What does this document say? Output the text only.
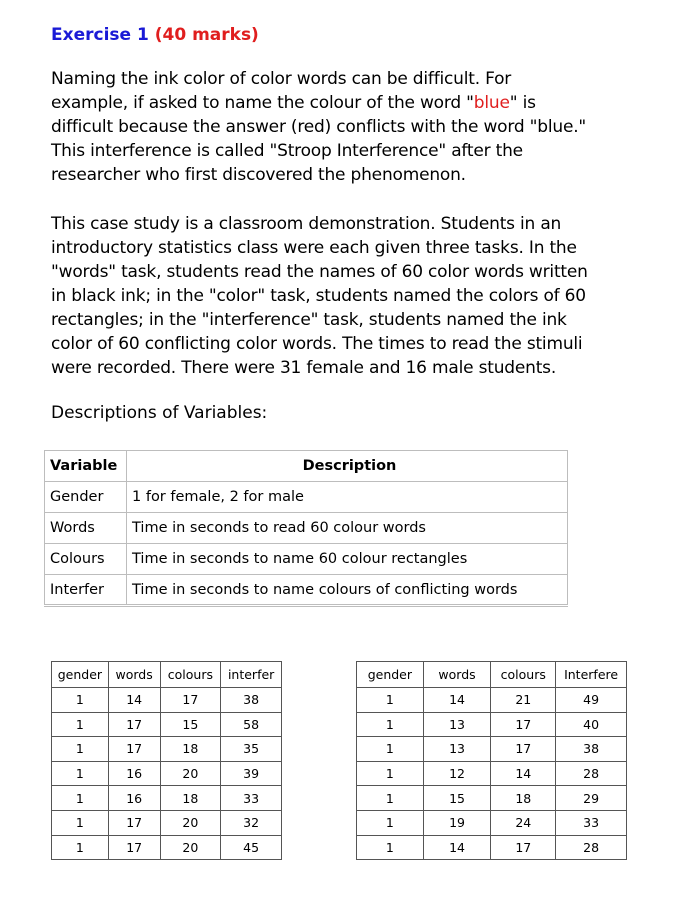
Exercise 1 (40 marks)
Naming the ink color of color words can be difficult. For
example, if asked to name the colour of the word "blue" is
difficult because the answer (red) conflicts with the word "blue."
This interference is called "Stroop Interference" after the
researcher who first discovered the phenomenon.
This case study is a classroom demonstration. Students in an
introductory statistics class were each given three tasks. In the
"words" task, students read the names of 60 color words written
in black ink; in the "color" task, students named the colors of 60
rectangles; in the "interference" task, students named the ink
color of 60 conflicting color words. The times to read the stimuli
were recorded. There were 31 female and 16 male students.
Descriptions of Variables:
Variable	Description
Gender	1 for female, 2 for male
Words	Time in seconds to read 60 colour words
Colours	Time in seconds to name 60 colour rectangles
Interfer	Time in seconds to name colours of conflicting words
gender	words	colours	interfer
1	14	17	38
1	17	15	58
1	17	18	35
1	16	20	39
1	16	18	33
1	17	20	32
1	17	20	45
gender	words	colours	Interfere
1	14	21	49
1	13	17	40
1	13	17	38
1	12	14	28
1	15	18	29
1	19	24	33
1	14	17	28
